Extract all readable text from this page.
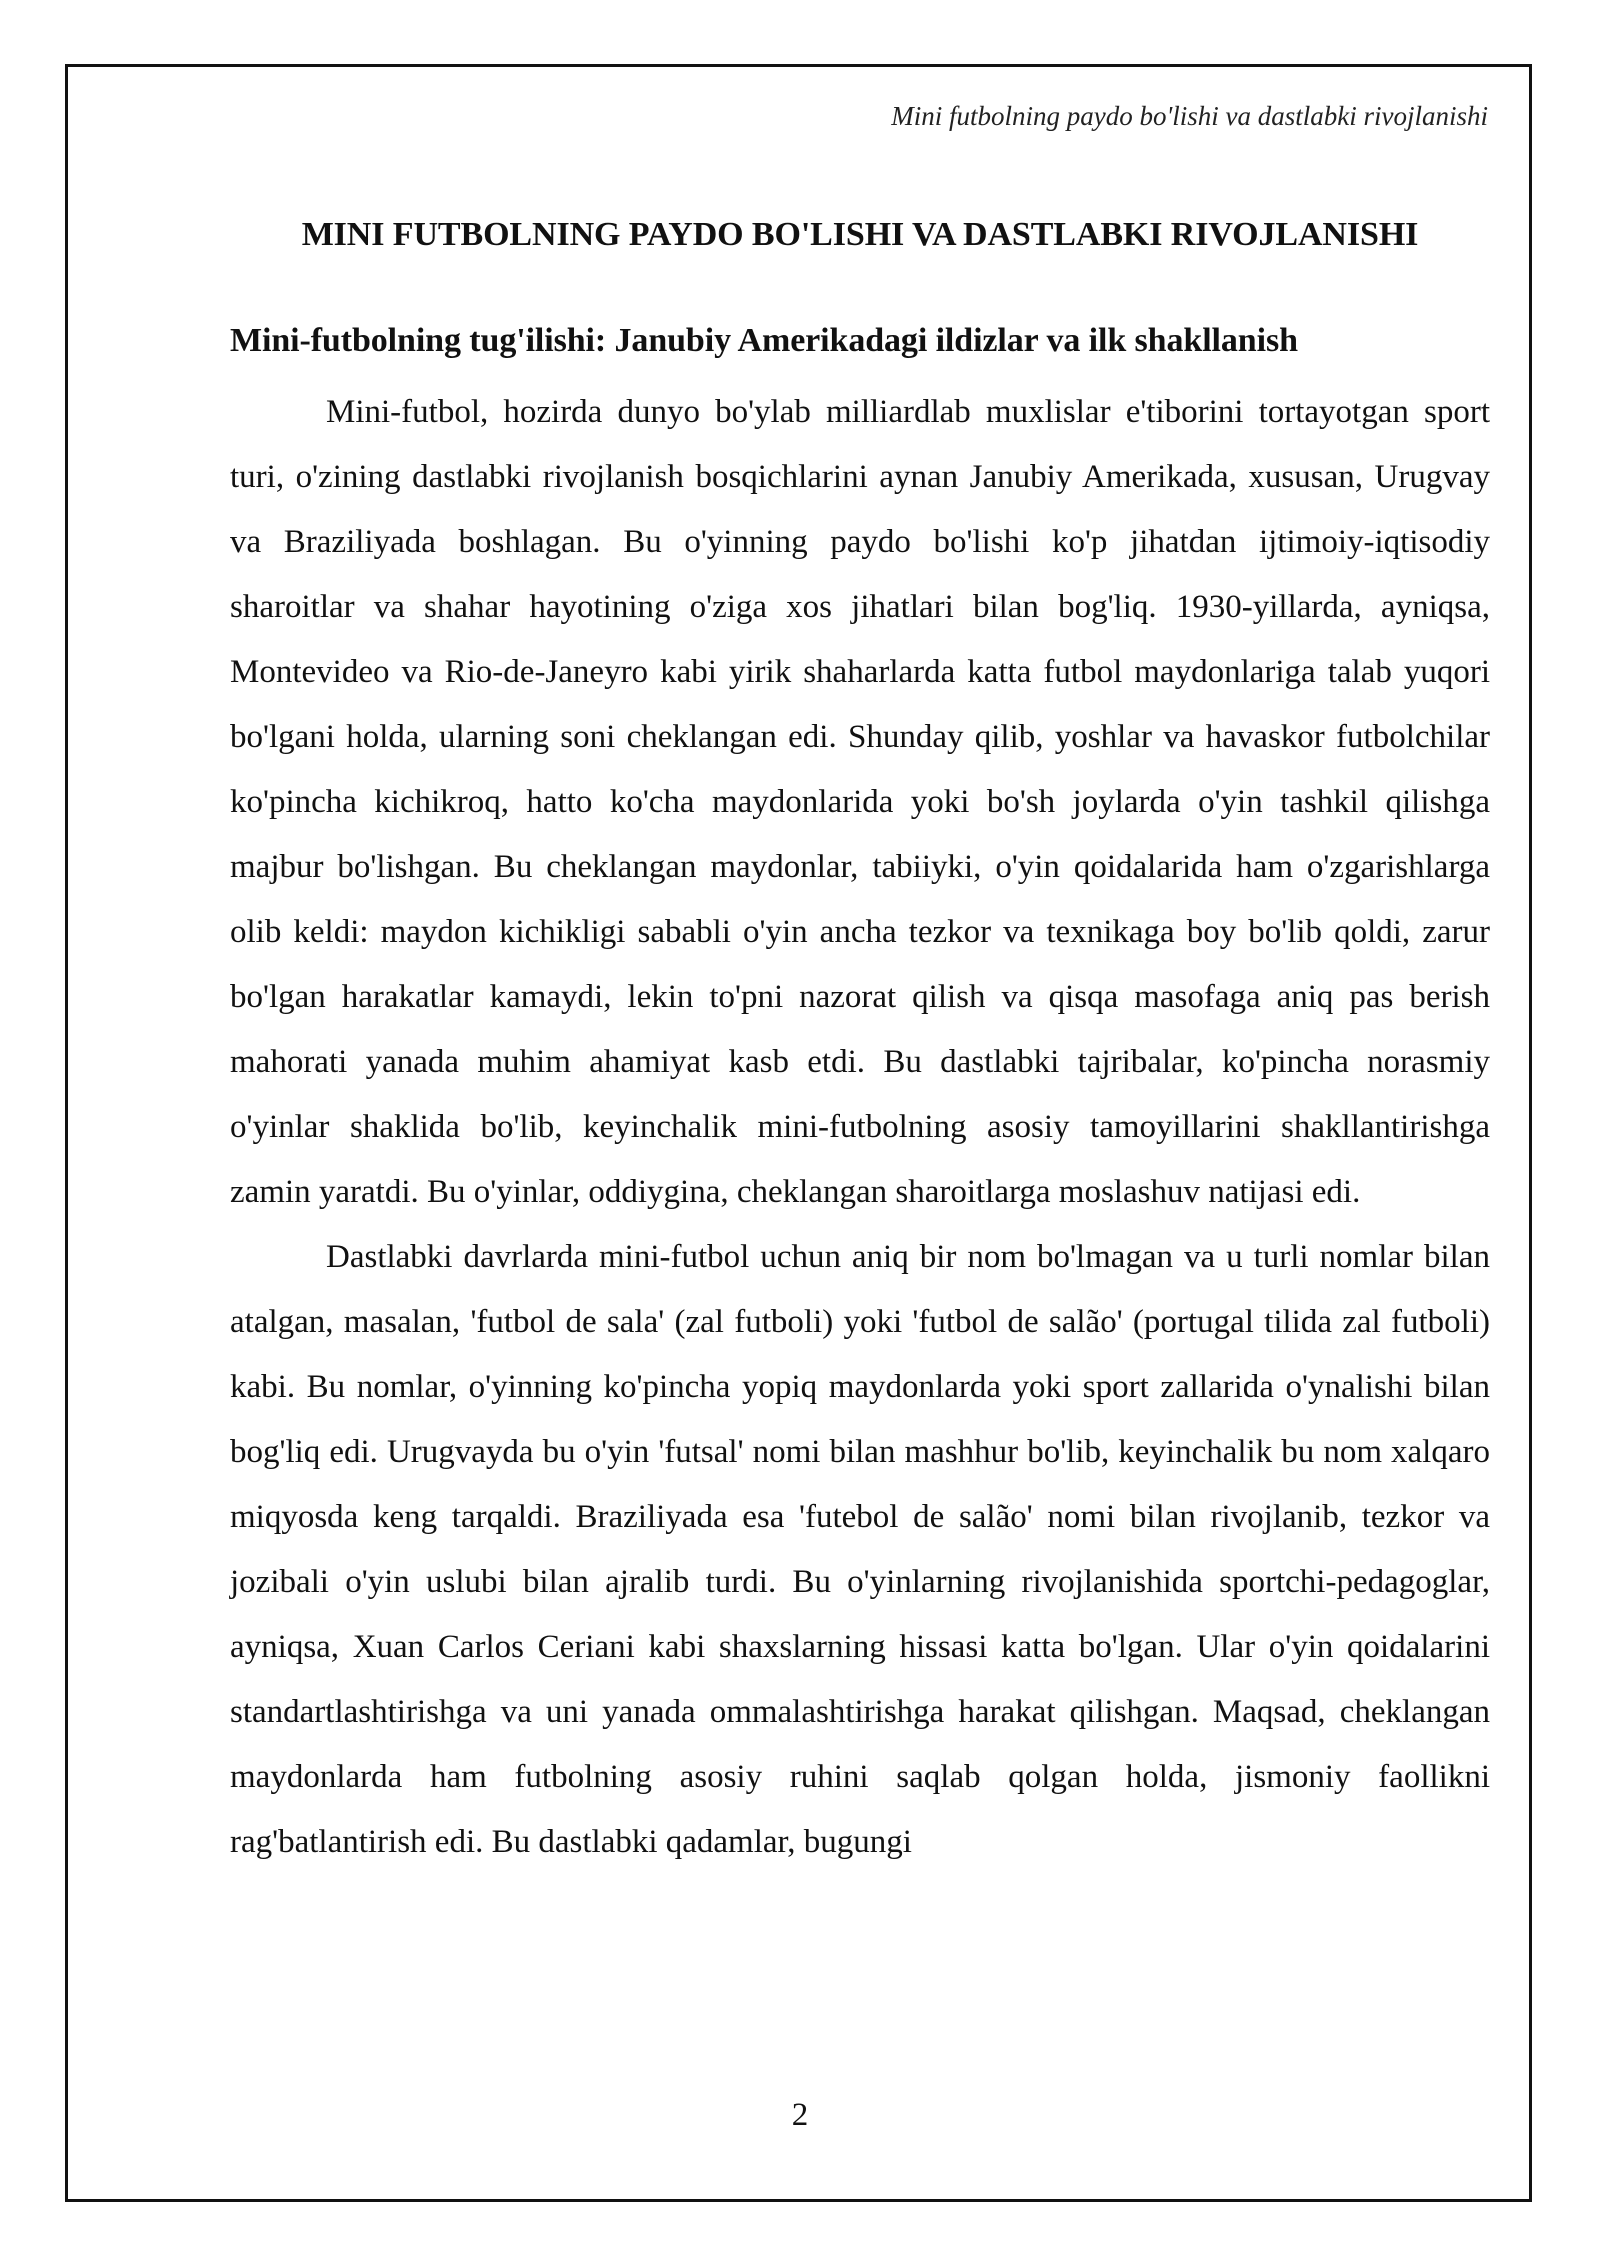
Mini futbolning paydo bo'lishi va dastlabki rivojlanishi
MINI FUTBOLNING PAYDO BO'LISHI VA DASTLABKI RIVOJLANISHI
Mini-futbolning tug'ilishi: Janubiy Amerikadagi ildizlar va ilk shakllanish

Mini-futbol, hozirda dunyo bo'ylab milliardlab muxlislar e'tiborini tortayotgan sport turi, o'zining dastlabki rivojlanish bosqichlarini aynan Janubiy Amerikada, xususan, Urugvay va Braziliyada boshlagan. Bu o'yinning paydo bo'lishi ko'p jihatdan ijtimoiy-iqtisodiy sharoitlar va shahar hayotining o'ziga xos jihatlari bilan bog'liq. 1930-yillarda, ayniqsa, Montevideo va Rio-de-Janeyro kabi yirik shaharlarda katta futbol maydonlariga talab yuqori bo'lgani holda, ularning soni cheklangan edi. Shunday qilib, yoshlar va havaskor futbolchilar ko'pincha kichikroq, hatto ko'cha maydonlarida yoki bo'sh joylarda o'yin tashkil qilishga majbur bo'lishgan. Bu cheklangan maydonlar, tabiiyki, o'yin qoidalarida ham o'zgarishlarga olib keldi: maydon kichikligi sababli o'yin ancha tezkor va texnikaga boy bo'lib qoldi, zarur bo'lgan harakatlar kamaydi, lekin to'pni nazorat qilish va qisqa masofaga aniq pas berish mahorati yanada muhim ahamiyat kasb etdi. Bu dastlabki tajribalar, ko'pincha norasmiy o'yinlar shaklida bo'lib, keyinchalik mini-futbolning asosiy tamoyillarini shakllantirishga zamin yaratdi. Bu o'yinlar, oddiygina, cheklangan sharoitlarga moslashuv natijasi edi.

Dastlabki davrlarda mini-futbol uchun aniq bir nom bo'lmagan va u turli nomlar bilan atalgan, masalan, 'futbol de sala' (zal futboli) yoki 'futbol de salão' (portugal tilida zal futboli) kabi. Bu nomlar, o'yinning ko'pincha yopiq maydonlarda yoki sport zallarida o'ynalishi bilan bog'liq edi. Urugvayda bu o'yin 'futsal' nomi bilan mashhur bo'lib, keyinchalik bu nom xalqaro miqyosda keng tarqaldi. Braziliyada esa 'futebol de salão' nomi bilan rivojlanib, tezkor va jozibali o'yin uslubi bilan ajralib turdi. Bu o'yinlarning rivojlanishida sportchi-pedagoglar, ayniqsa, Xuan Carlos Ceriani kabi shaxslarning hissasi katta bo'lgan. Ular o'yin qoidalarini standartlashtirishga va uni yanada ommalashtirishga harakat qilishgan. Maqsad, cheklangan maydonlarda ham futbolning asosiy ruhini saqlab qolgan holda, jismoniy faollikni rag'batlantirish edi. Bu dastlabki qadamlar, bugungi

2
